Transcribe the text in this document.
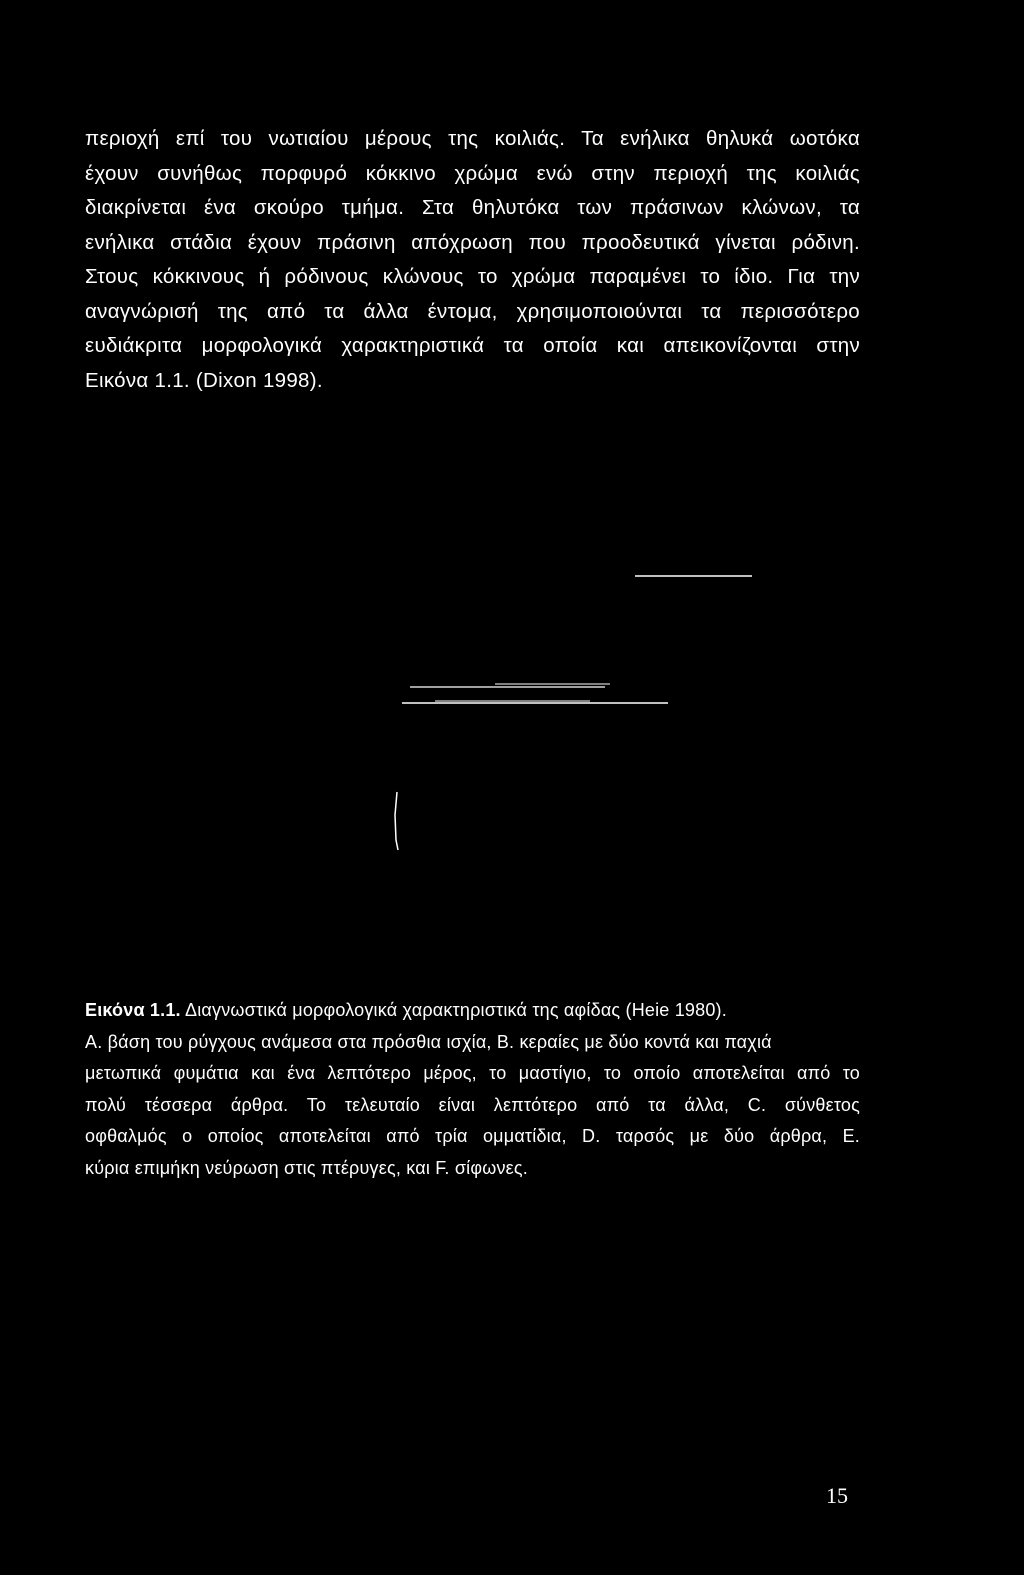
περιοχή επί του νωτιαίου μέρους της κοιλιάς. Τα ενήλικα θηλυκά ωοτόκα
έχουν συνήθως πορφυρό κόκκινο χρώμα ενώ στην περιοχή της κοιλιάς
διακρίνεται ένα σκούρο τμήμα. Στα θηλυτόκα των πράσινων κλώνων, τα
ενήλικα στάδια έχουν πράσινη απόχρωση που προοδευτικά γίνεται ρόδινη.
Στους κόκκινους ή ρόδινους κλώνους το χρώμα παραμένει το ίδιο. Για την
αναγνώρισή της από τα άλλα έντομα, χρησιμοποιούνται τα περισσότερο
ευδιάκριτα μορφολογικά χαρακτηριστικά τα οποία και απεικονίζονται στην
Εικόνα 1.1. (Dixon 1998).
Εικόνα 1.1. Διαγνωστικά μορφολογικά χαρακτηριστικά της αφίδας (Heie 1980).
A. βάση του ρύγχους ανάμεσα στα πρόσθια ισχία, B. κεραίες με δύο κοντά και παχιά
μετωπικά φυμάτια και ένα λεπτότερο μέρος, το μαστίγιο, το οποίο αποτελείται από το
πολύ τέσσερα άρθρα. Το τελευταίο είναι λεπτότερο από τα άλλα, C. σύνθετος
οφθαλμός ο οποίος αποτελείται από τρία ομματίδια, D. ταρσός με δύο άρθρα, E.
κύρια επιμήκη νεύρωση στις πτέρυγες, και F. σίφωνες.
15
